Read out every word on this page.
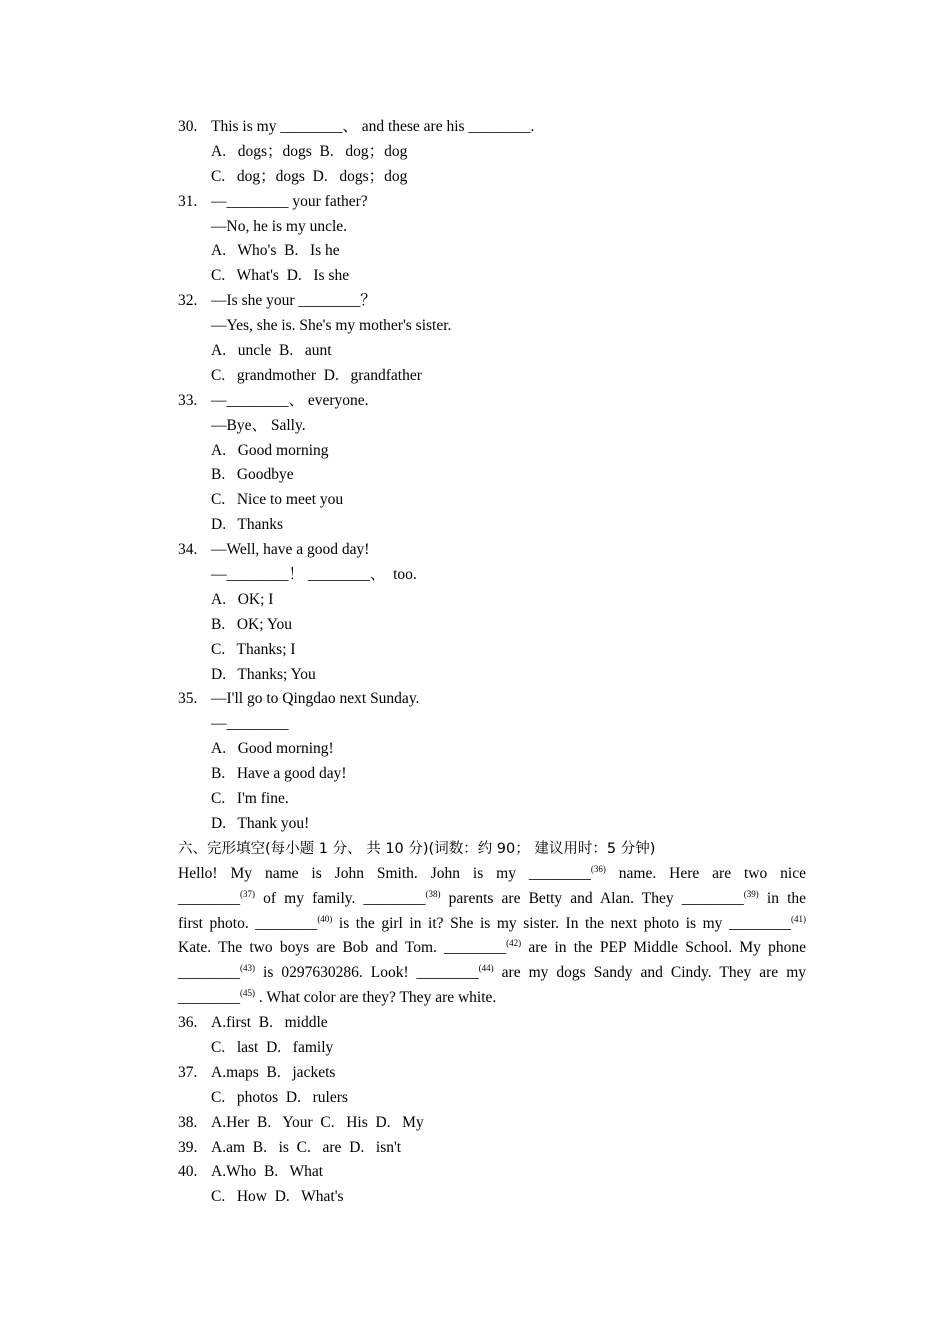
30. This is my ________、 and these are his ________.
A.   dogs；dogs  B.   dog；dog
C.   dog；dogs  D.   dogs；dog
31. —________ your father?
—No, he is my uncle.
A.   Who's  B.   Is he
C.   What's  D.   Is she
32. —Is she your ________？
—Yes, she is. She's my mother's sister.
A.   uncle  B.   aunt
C.   grandmother  D.   grandfather
33. —________、 everyone.
—Bye、 Sally.
A.   Good morning
B.   Goodbye
C.   Nice to meet you
D.   Thanks
34. —Well, have a good day!
—________！ ________、  too.
A.   OK; I
B.   OK; You
C.   Thanks; I
D.   Thanks; You
35. —I'll go to Qingdao next Sunday.
—________
A.   Good morning!
B.   Have a good day!
C.   I'm fine.
D.   Thank you!
六、完形填空(每小题 1 分、 共 10 分)(词数：约 90； 建议用时：5 分钟)
Hello! My name is John Smith. John is my ________$^{(36)}$ name. Here are two nice
________$^{(37)}$ of my family. ________$^{(38)}$ parents are Betty and Alan. They ________$^{(39)}$ in the
first photo. ________$^{(40)}$ is the girl in it? She is my sister. In the next photo is my ________$^{(41)}$
Kate. The two boys are Bob and Tom. ________$^{(42)}$ are in the PEP Middle School. My phone
________$^{(43)}$ is 0297630286. Look! ________$^{(44)}$ are my dogs Sandy and Cindy. They are my
________$^{(45)}$ . What color are they? They are white.
36. A.first  B.   middle
C.   last  D.   family
37. A.maps  B.   jackets
C.   photos  D.   rulers
38. A.Her  B.   Your  C.   His  D.   My
39. A.am  B.   is  C.   are  D.   isn't
40. A.Who  B.   What
C.   How  D.   What's
